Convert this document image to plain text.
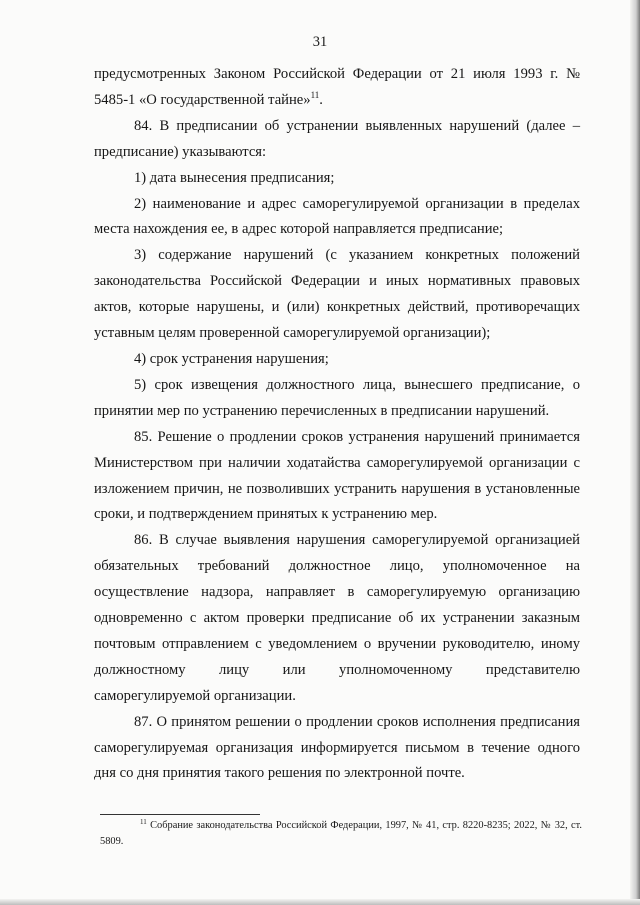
31

предусмотренных Законом Российской Федерации от 21 июля 1993 г. № 5485-1 «О государственной тайне»$^{11}$.

84. В предписании об устранении выявленных нарушений (далее – предписание) указываются:

1) дата вынесения предписания;

2) наименование и адрес саморегулируемой организации в пределах места нахождения ее, в адрес которой направляется предписание;

3) содержание нарушений (с указанием конкретных положений законодательства Российской Федерации и иных нормативных правовых актов, которые нарушены, и (или) конкретных действий, противоречащих уставным целям проверенной саморегулируемой организации);

4) срок устранения нарушения;

5) срок извещения должностного лица, вынесшего предписание, о принятии мер по устранению перечисленных в предписании нарушений.

85. Решение о продлении сроков устранения нарушений принимается Министерством при наличии ходатайства саморегулируемой организации с изложением причин, не позволивших устранить нарушения в установленные сроки, и подтверждением принятых к устранению мер.

86. В случае выявления нарушения саморегулируемой организацией обязательных требований должностное лицо, уполномоченное на осуществление надзора, направляет в саморегулируемую организацию одновременно с актом проверки предписание об их устранении заказным почтовым отправлением с уведомлением о вручении руководителю, иному должностному лицу или уполномоченному представителю саморегулируемой организации.

87. О принятом решении о продлении сроков исполнения предписания саморегулируемая организация информируется письмом в течение одного дня со дня принятия такого решения по электронной почте.

$^{11}$ Собрание законодательства Российской Федерации, 1997, № 41, стр. 8220-8235; 2022, № 32, ст. 5809.
